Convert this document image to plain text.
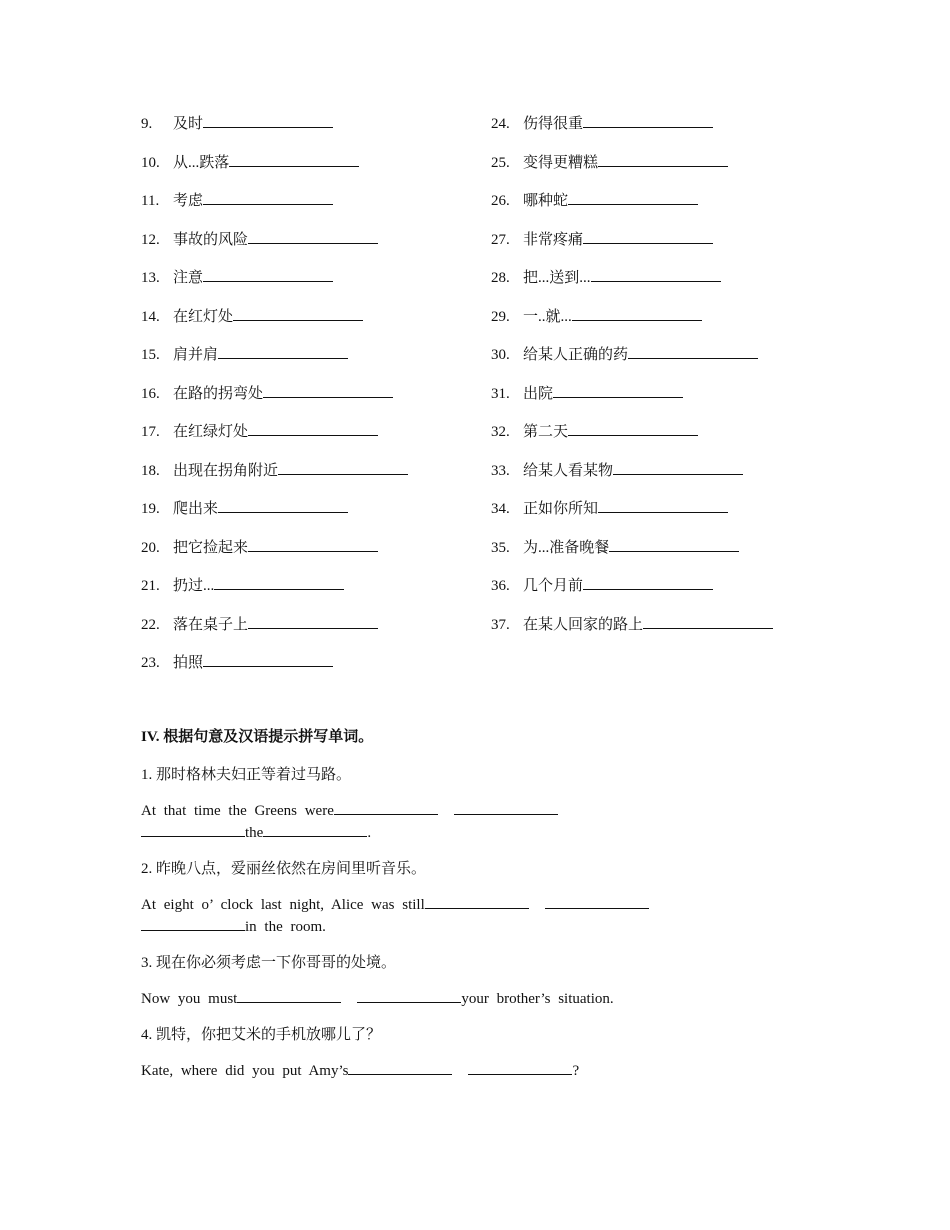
9. 及时
10. 从...跌落
11. 考虑
12. 事故的风险
13. 注意
14. 在红灯处
15. 肩并肩
16. 在路的拐弯处
17. 在红绿灯处
18. 出现在拐角附近
19. 爬出来
20. 把它捡起来
21. 扔过...
22. 落在桌子上
23. 拍照
24. 伤得很重
25. 变得更糟糕
26. 哪种蛇
27. 非常疼痛
28. 把...送到...
29. 一..就...
30. 给某人正确的药
31. 出院
32. 第二天
33. 给某人看某物
34. 正如你所知
35. 为...准备晚餐
36. 几个月前
37. 在某人回家的路上
IV. 根据句意及汉语提示拼写单词。
1. 那时格林夫妇正等着过马路。
At that time the Greens were
the	.
2. 昨晚八点，爱丽丝依然在房间里听音乐。
At eight o’ clock last night, Alice was still
in the room.
3. 现在你必须考虑一下你哥哥的处境。
Now you must	your brother’s situation.
4. 凯特，你把艾米的手机放哪儿了？
Kate, where did you put Amy’s	?
